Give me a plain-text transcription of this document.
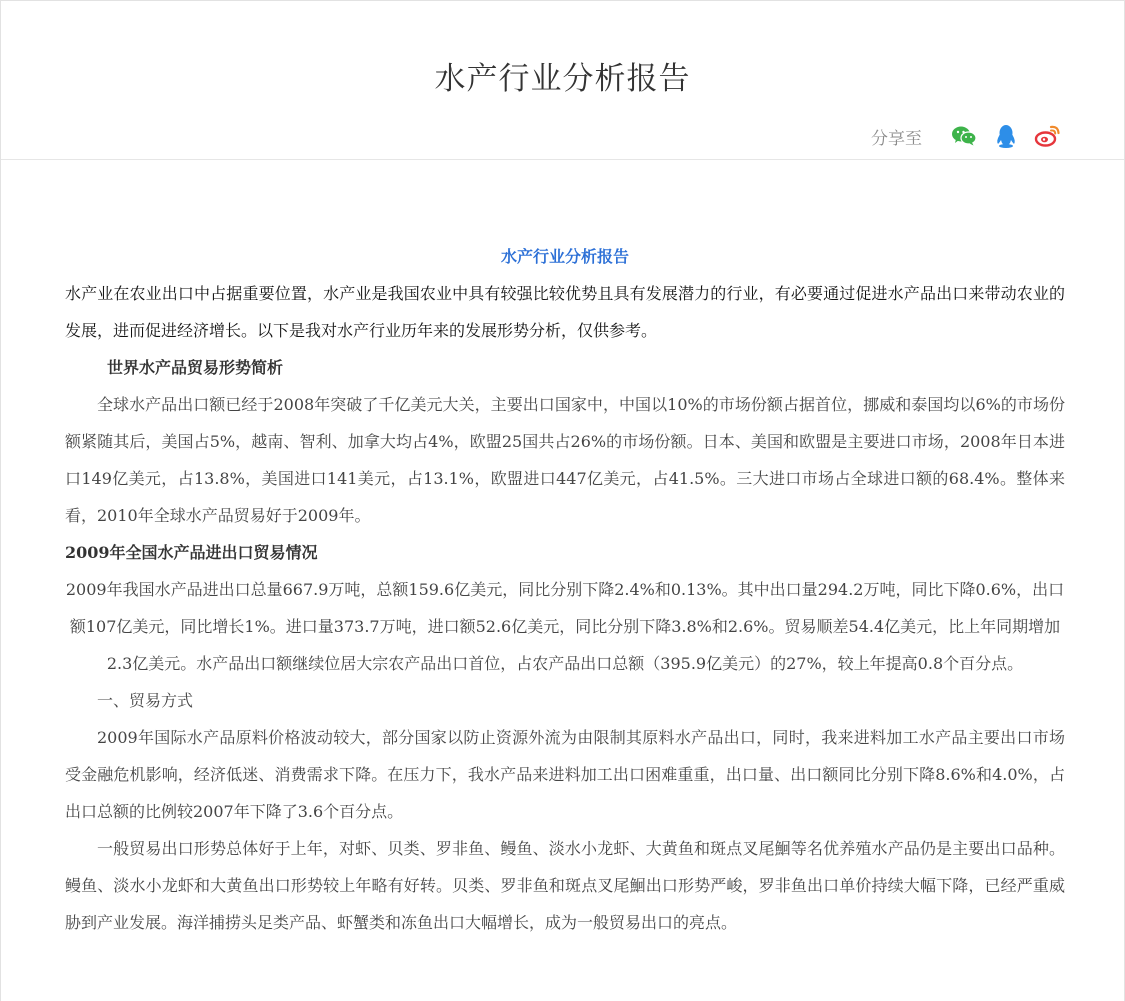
水产行业分析报告
分享至
水产行业分析报告

水产业在农业出口中占据重要位置，水产业是我国农业中具有较强比较优势且具有发展潜力的行业，有必要通过促进水产品出口来带动农业的发展，进而促进经济增长。以下是我对水产行业历年来的发展形势分析，仅供参考。

世界水产品贸易形势简析

全球水产品出口额已经于2008年突破了千亿美元大关，主要出口国家中，中国以10%的市场份额占据首位，挪威和泰国均以6%的市场份额紧随其后，美国占5%，越南、智利、加拿大均占4%，欧盟25国共占26%的市场份额。日本、美国和欧盟是主要进口市场，2008年日本进口149亿美元，占13.8%，美国进口141美元，占13.1%，欧盟进口447亿美元，占41.5%。三大进口市场占全球进口额的68.4%。整体来看，2010年全球水产品贸易好于2009年。

2009年全国水产品进出口贸易情况

2009年我国水产品进出口总量667.9万吨，总额159.6亿美元，同比分别下降2.4%和0.13%。其中出口量294.2万吨，同比下降0.6%，出口额107亿美元，同比增长1%。进口量373.7万吨，进口额52.6亿美元，同比分别下降3.8%和2.6%。贸易顺差54.4亿美元，比上年同期增加2.3亿美元。水产品出口额继续位居大宗农产品出口首位，占农产品出口总额（395.9亿美元）的27%，较上年提高0.8个百分点。

一、贸易方式

2009年国际水产品原料价格波动较大，部分国家以防止资源外流为由限制其原料水产品出口，同时，我来进料加工水产品主要出口市场受金融危机影响，经济低迷、消费需求下降。在压力下，我水产品来进料加工出口困难重重，出口量、出口额同比分别下降8.6%和4.0%，占出口总额的比例较2007年下降了3.6个百分点。

一般贸易出口形势总体好于上年，对虾、贝类、罗非鱼、鳗鱼、淡水小龙虾、大黄鱼和斑点叉尾鮰等名优养殖水产品仍是主要出口品种。鳗鱼、淡水小龙虾和大黄鱼出口形势较上年略有好转。贝类、罗非鱼和斑点叉尾鮰出口形势严峻，罗非鱼出口单价持续大幅下降，已经严重威胁到产业发展。海洋捕捞头足类产品、虾蟹类和冻鱼出口大幅增长，成为一般贸易出口的亮点。
